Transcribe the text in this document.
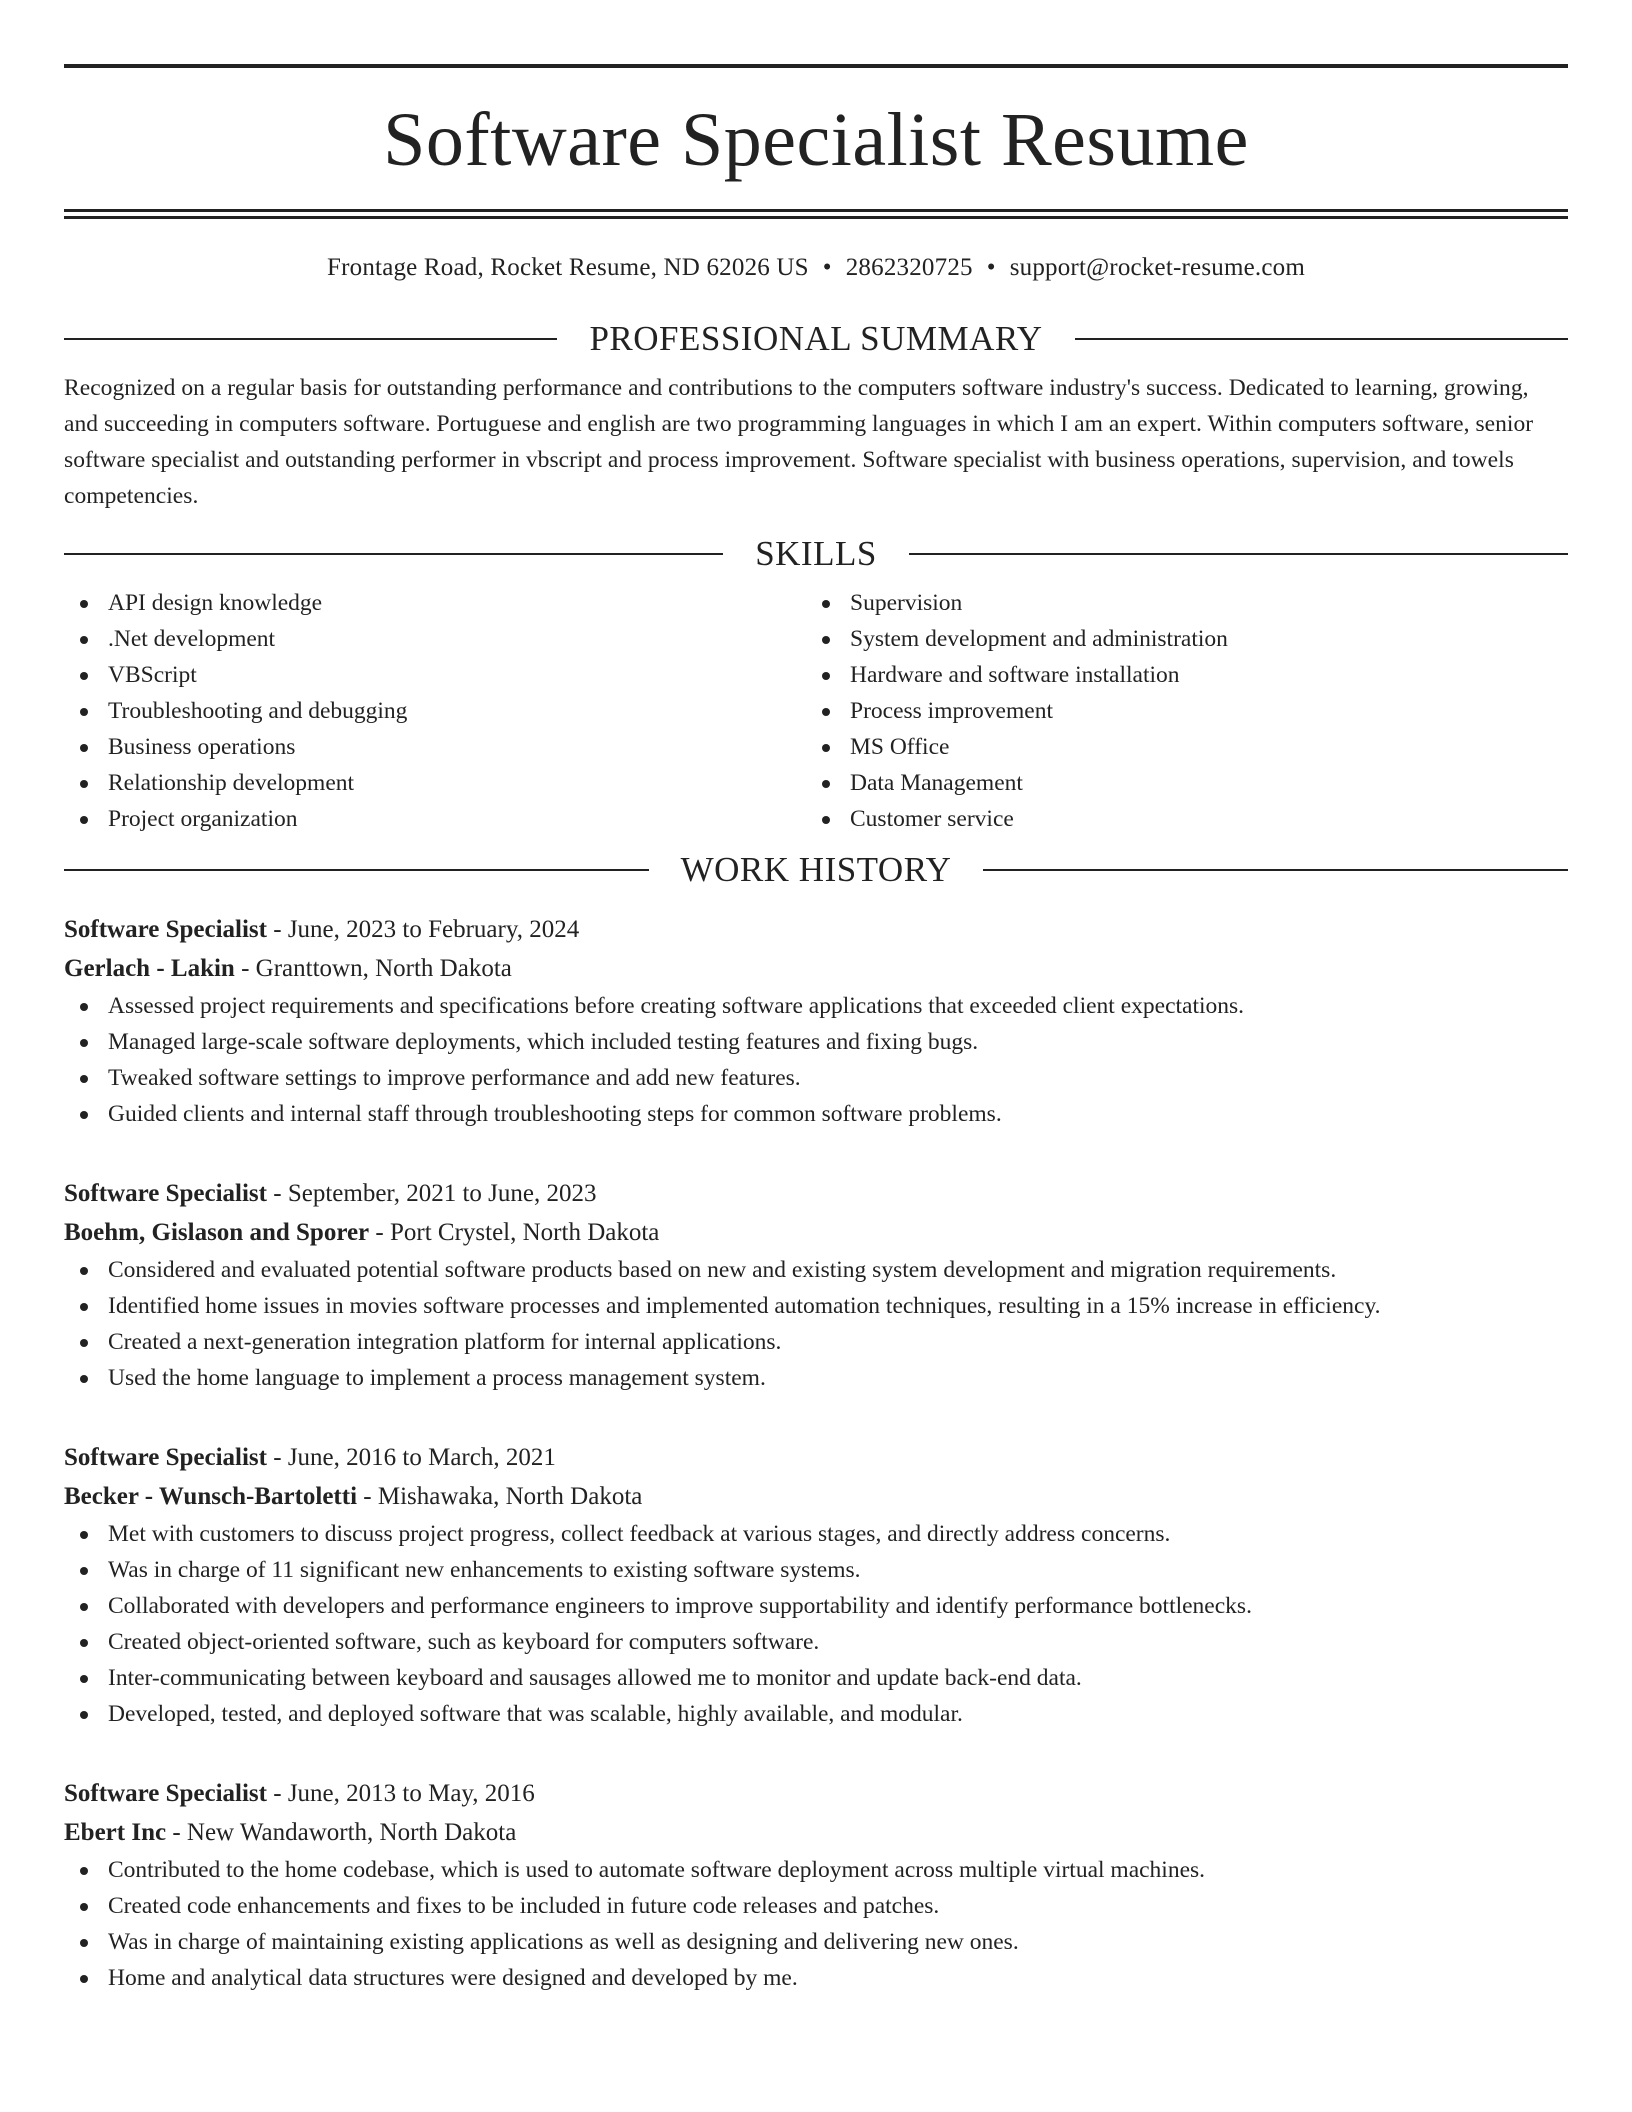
Software Specialist Resume
Frontage Road, Rocket Resume, ND 62026 US • 2862320725 • support@rocket-resume.com
PROFESSIONAL SUMMARY
Recognized on a regular basis for outstanding performance and contributions to the computers software industry's success. Dedicated to learning, growing, and succeeding in computers software. Portuguese and english are two programming languages in which I am an expert. Within computers software, senior software specialist and outstanding performer in vbscript and process improvement. Software specialist with business operations, supervision, and towels competencies.
SKILLS
API design knowledge
.Net development
VBScript
Troubleshooting and debugging
Business operations
Relationship development
Project organization
Supervision
System development and administration
Hardware and software installation
Process improvement
MS Office
Data Management
Customer service
WORK HISTORY
Software Specialist - June, 2023 to February, 2024
Gerlach - Lakin - Granttown, North Dakota
Assessed project requirements and specifications before creating software applications that exceeded client expectations.
Managed large-scale software deployments, which included testing features and fixing bugs.
Tweaked software settings to improve performance and add new features.
Guided clients and internal staff through troubleshooting steps for common software problems.
Software Specialist - September, 2021 to June, 2023
Boehm, Gislason and Sporer - Port Crystel, North Dakota
Considered and evaluated potential software products based on new and existing system development and migration requirements.
Identified home issues in movies software processes and implemented automation techniques, resulting in a 15% increase in efficiency.
Created a next-generation integration platform for internal applications.
Used the home language to implement a process management system.
Software Specialist - June, 2016 to March, 2021
Becker - Wunsch-Bartoletti - Mishawaka, North Dakota
Met with customers to discuss project progress, collect feedback at various stages, and directly address concerns.
Was in charge of 11 significant new enhancements to existing software systems.
Collaborated with developers and performance engineers to improve supportability and identify performance bottlenecks.
Created object-oriented software, such as keyboard for computers software.
Inter-communicating between keyboard and sausages allowed me to monitor and update back-end data.
Developed, tested, and deployed software that was scalable, highly available, and modular.
Software Specialist - June, 2013 to May, 2016
Ebert Inc - New Wandaworth, North Dakota
Contributed to the home codebase, which is used to automate software deployment across multiple virtual machines.
Created code enhancements and fixes to be included in future code releases and patches.
Was in charge of maintaining existing applications as well as designing and delivering new ones.
Home and analytical data structures were designed and developed by me.
